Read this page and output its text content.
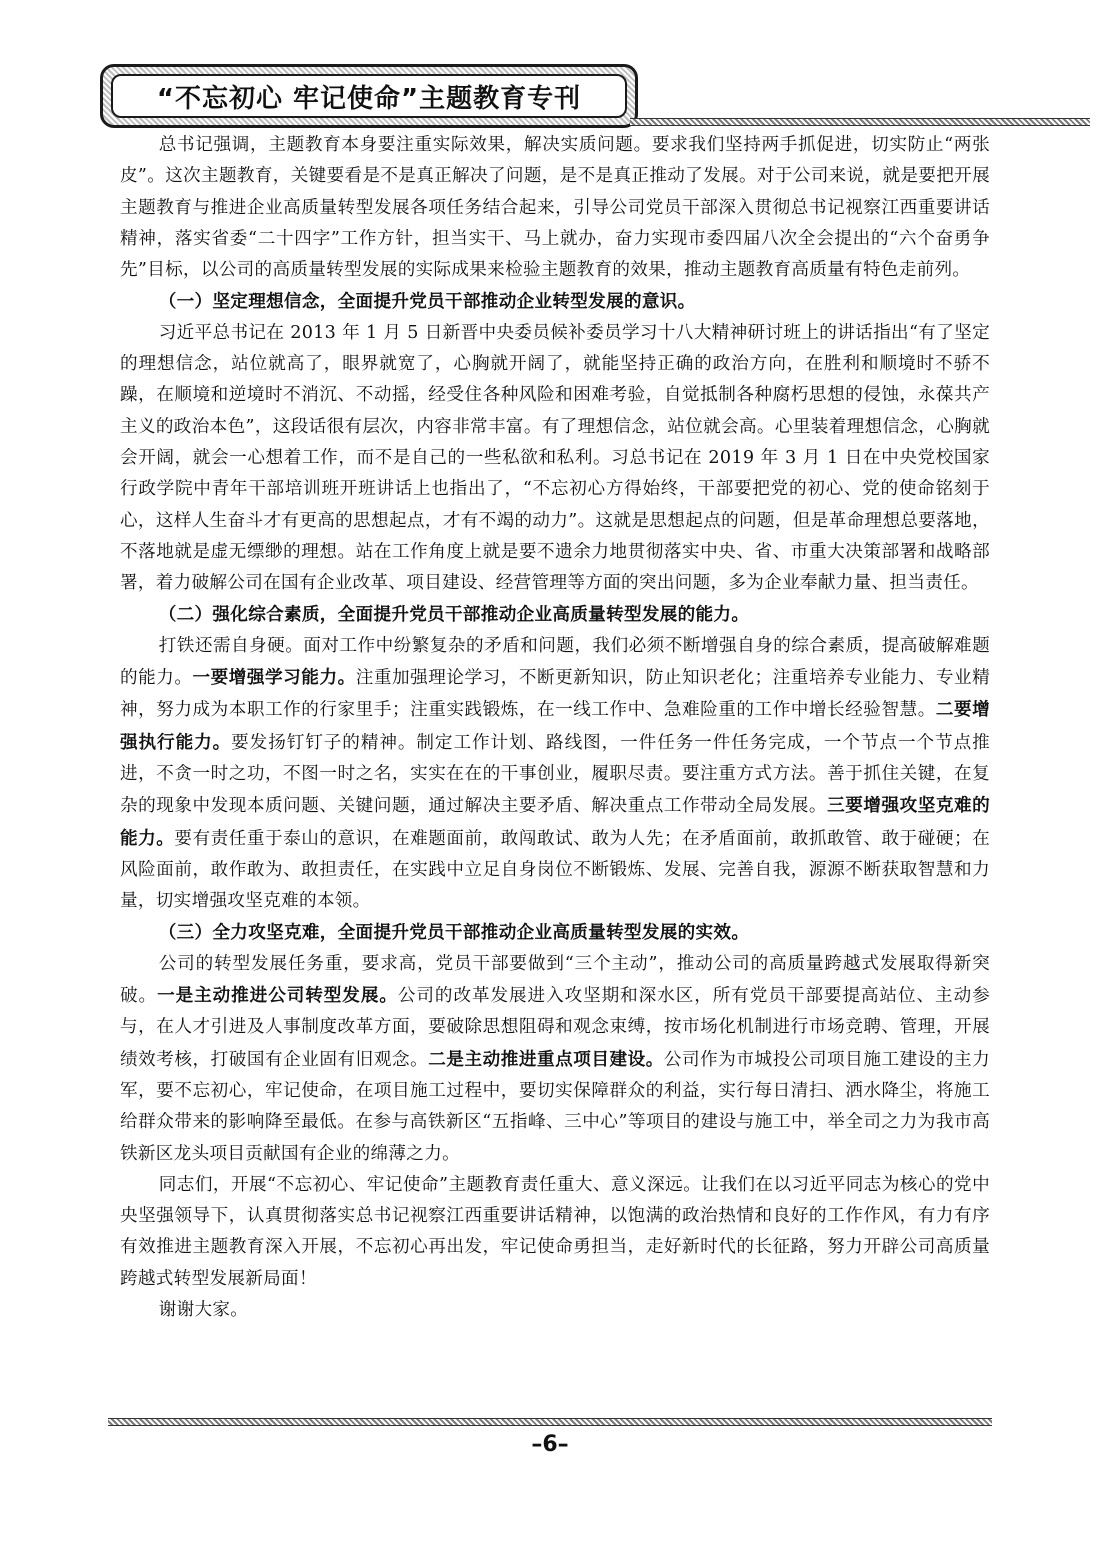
“不忘初心 牢记使命”主题教育专刊

总书记强调，主题教育本身要注重实际效果，解决实质问题。要求我们坚持两手抓促进，切实防止“两张皮”。这次主题教育，关键要看是不是真正解决了问题，是不是真正推动了发展。对于公司来说，就是要把开展主题教育与推进企业高质量转型发展各项任务结合起来，引导公司党员干部深入贯彻总书记视察江西重要讲话精神，落实省委“二十四字”工作方针，担当实干、马上就办，奋力实现市委四届八次全会提出的“六个奋勇争先”目标，以公司的高质量转型发展的实际成果来检验主题教育的效果，推动主题教育高质量有特色走前列。

（一）坚定理想信念，全面提升党员干部推动企业转型发展的意识。

习近平总书记在 2013 年 1 月 5 日新晋中央委员候补委员学习十八大精神研讨班上的讲话指出“有了坚定的理想信念，站位就高了，眼界就宽了，心胸就开阔了，就能坚持正确的政治方向，在胜利和顺境时不骄不躁，在顺境和逆境时不消沉、不动摇，经受住各种风险和困难考验，自觉抵制各种腐朽思想的侵蚀，永葆共产主义的政治本色”，这段话很有层次，内容非常丰富。有了理想信念，站位就会高。心里装着理想信念，心胸就会开阔，就会一心想着工作，而不是自己的一些私欲和私利。习总书记在 2019 年 3 月 1 日在中央党校国家行政学院中青年干部培训班开班讲话上也指出了，“不忘初心方得始终，干部要把党的初心、党的使命铭刻于心，这样人生奋斗才有更高的思想起点，才有不竭的动力”。这就是思想起点的问题，但是革命理想总要落地，不落地就是虚无缥缈的理想。站在工作角度上就是要不遗余力地贯彻落实中央、省、市重大决策部署和战略部署，着力破解公司在国有企业改革、项目建设、经营管理等方面的突出问题，多为企业奉献力量、担当责任。

（二）强化综合素质，全面提升党员干部推动企业高质量转型发展的能力。

打铁还需自身硬。面对工作中纷繁复杂的矛盾和问题，我们必须不断增强自身的综合素质，提高破解难题的能力。一要增强学习能力。注重加强理论学习，不断更新知识，防止知识老化；注重培养专业能力、专业精神，努力成为本职工作的行家里手；注重实践锻炼，在一线工作中、急难险重的工作中增长经验智慧。二要增强执行能力。要发扬钉钉子的精神。制定工作计划、路线图，一件任务一件任务完成，一个节点一个节点推进，不贪一时之功，不图一时之名，实实在在的干事创业，履职尽责。要注重方式方法。善于抓住关键，在复杂的现象中发现本质问题、关键问题，通过解决主要矛盾、解决重点工作带动全局发展。三要增强攻坚克难的能力。要有责任重于泰山的意识，在难题面前，敢闯敢试、敢为人先；在矛盾面前，敢抓敢管、敢于碰硬；在风险面前，敢作敢为、敢担责任，在实践中立足自身岗位不断锻炼、发展、完善自我，源源不断获取智慧和力量，切实增强攻坚克难的本领。

（三）全力攻坚克难，全面提升党员干部推动企业高质量转型发展的实效。

公司的转型发展任务重，要求高，党员干部要做到“三个主动”，推动公司的高质量跨越式发展取得新突破。一是主动推进公司转型发展。公司的改革发展进入攻坚期和深水区，所有党员干部要提高站位、主动参与，在人才引进及人事制度改革方面，要破除思想阻碍和观念束缚，按市场化机制进行市场竞聘、管理，开展绩效考核，打破国有企业固有旧观念。二是主动推进重点项目建设。公司作为市城投公司项目施工建设的主力军，要不忘初心，牢记使命，在项目施工过程中，要切实保障群众的利益，实行每日清扫、洒水降尘，将施工给群众带来的影响降至最低。在参与高铁新区“五指峰、三中心”等项目的建设与施工中，举全司之力为我市高铁新区龙头项目贡献国有企业的绵薄之力。

同志们，开展“不忘初心、牢记使命”主题教育责任重大、意义深远。让我们在以习近平同志为核心的党中央坚强领导下，认真贯彻落实总书记视察江西重要讲话精神，以饱满的政治热情和良好的工作作风，有力有序有效推进主题教育深入开展，不忘初心再出发，牢记使命勇担当，走好新时代的长征路，努力开辟公司高质量跨越式转型发展新局面！

谢谢大家。

–6–
